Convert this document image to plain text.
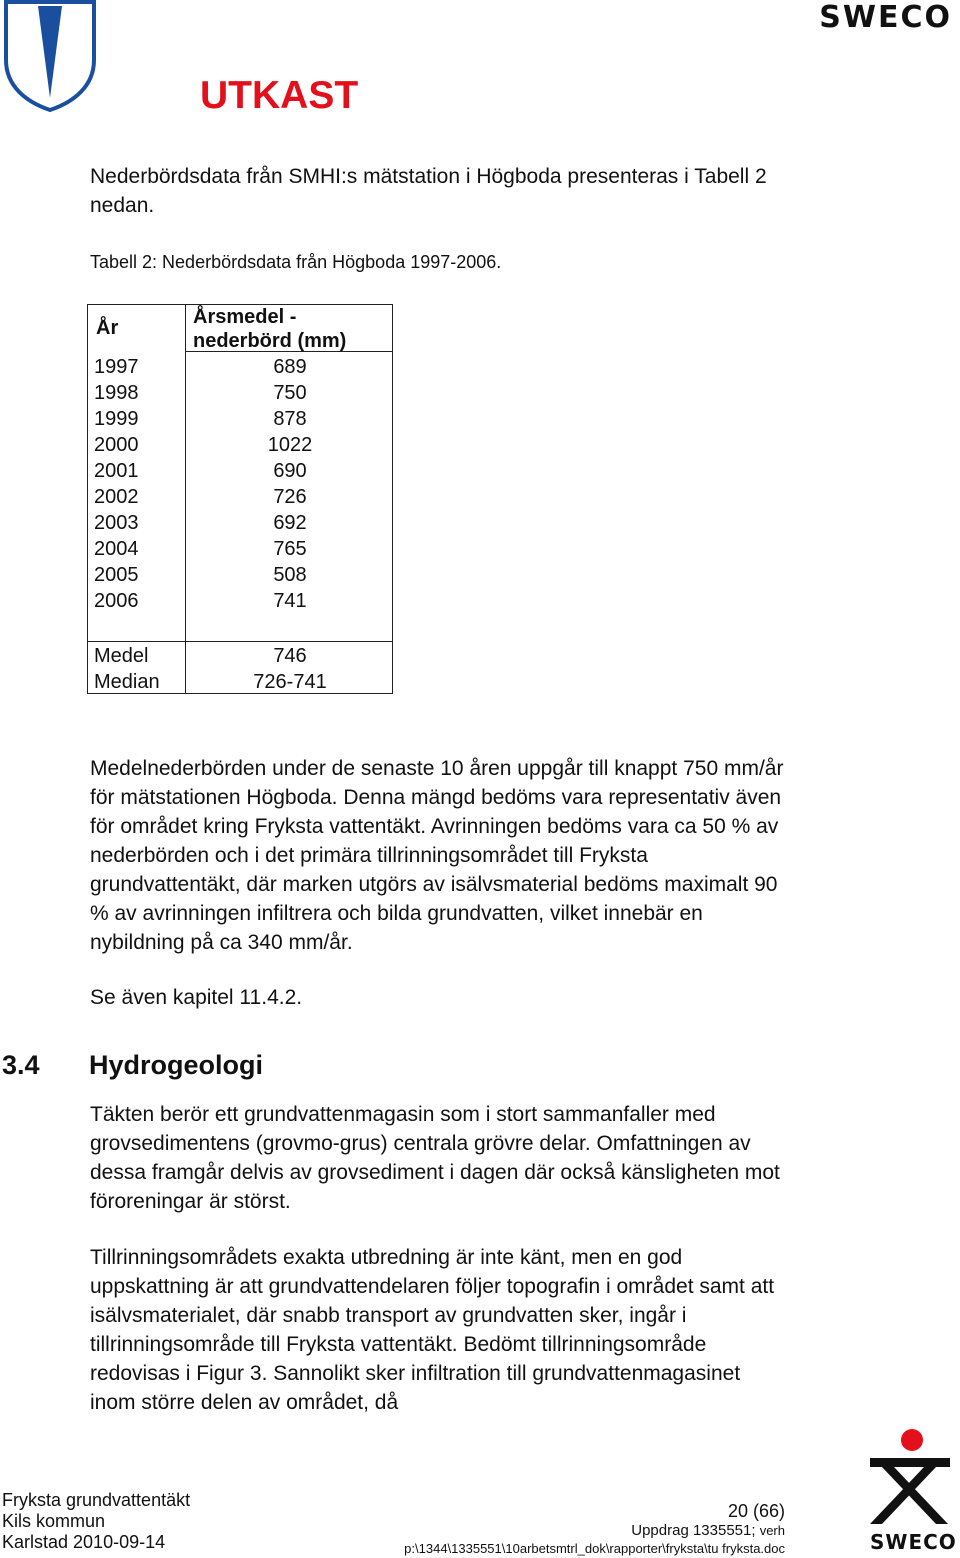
SWECO
UTKAST
Nederbördsdata från SMHI:s mätstation i Högboda presenteras i Tabell 2 nedan.
Tabell 2: Nederbördsdata från Högboda 1997-2006.
År	Årsmedel -
nederbörd (mm)
1997	689
1998	750
1999	878
2000	1022
2001	690
2002	726
2003	692
2004	765
2005	508
2006	741
Medel	746
Median	726-741
Medelnederbörden under de senaste 10 åren uppgår till knappt 750 mm/år för mätstationen Högboda. Denna mängd bedöms vara representativ även för området kring Fryksta vattentäkt. Avrinningen bedöms vara ca 50 % av nederbörden och i det primära tillrinningsområdet till Fryksta grundvattentäkt, där marken utgörs av isälvsmaterial bedöms maximalt 90 % av avrinningen infiltrera och bilda grundvatten, vilket innebär en nybildning på ca 340 mm/år.
Se även kapitel 11.4.2.
3.4 Hydrogeologi
Täkten berör ett grundvattenmagasin som i stort sammanfaller med grovsedimentens (grovmo-grus) centrala grövre delar. Omfattningen av dessa framgår delvis av grovsediment i dagen där också känsligheten mot föroreningar är störst.
Tillrinningsområdets exakta utbredning är inte känt, men en god uppskattning är att grundvattendelaren följer topografin i området samt att isälvsmaterialet, där snabb transport av grundvatten sker, ingår i tillrinningsområde till Fryksta vattentäkt. Bedömt tillrinningsområde redovisas i Figur 3. Sannolikt sker infiltration till grundvattenmagasinet inom större delen av området, då
Fryksta grundvattentäkt
Kils kommun
Karlstad 2010-09-14
20 (66)
Uppdrag 1335551; verh
p:\1344\1335551\10arbetsmtrl_dok\rapporter\fryksta\tu fryksta.doc	SWECO
